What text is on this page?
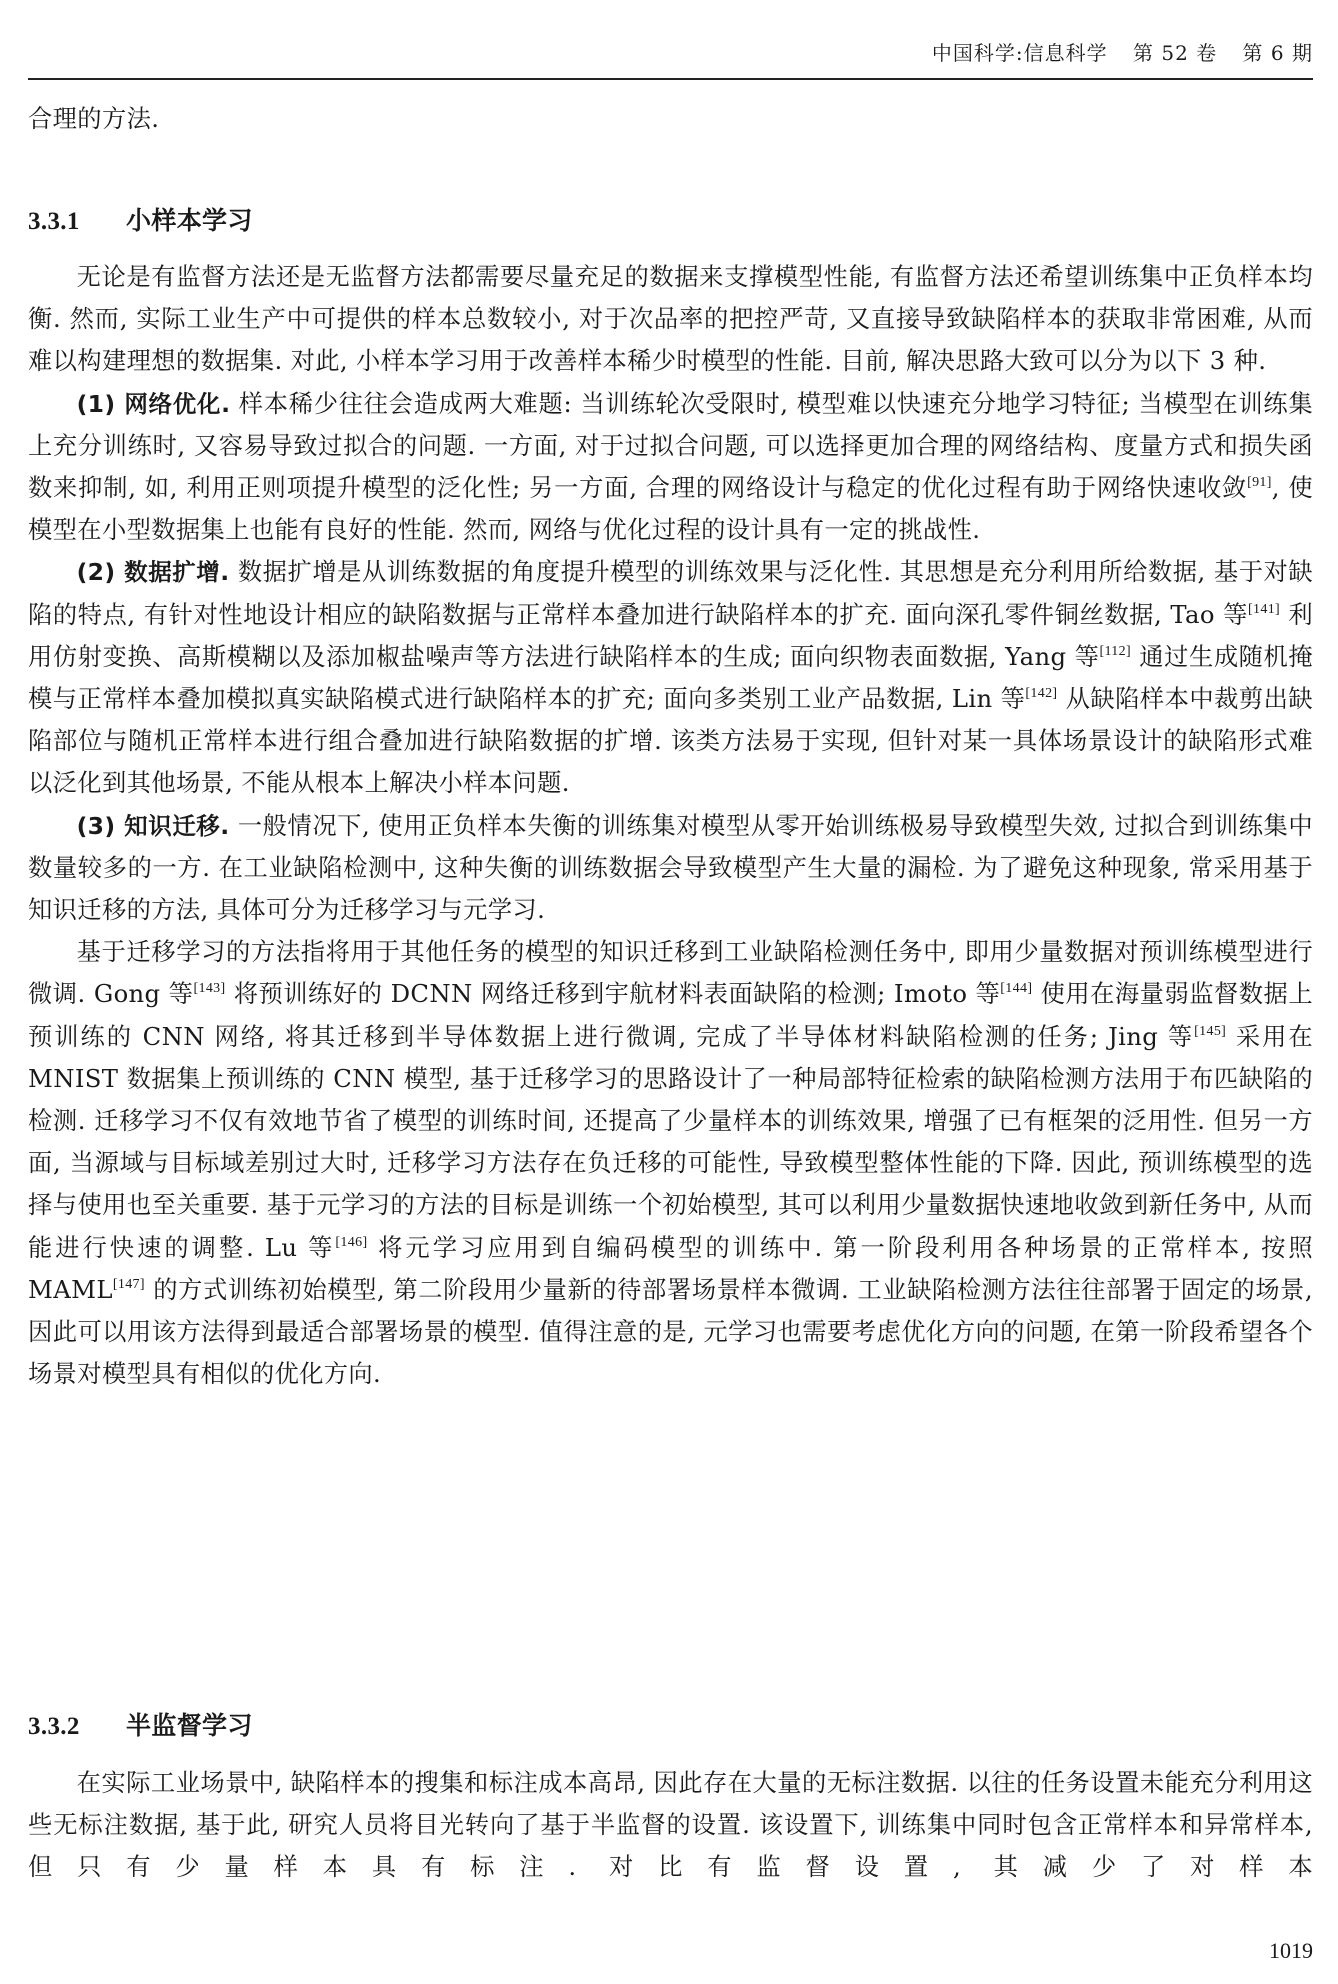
中国科学:信息科学 第 52 卷 第 6 期

合理的方法.

3.3.1 小样本学习

无论是有监督方法还是无监督方法都需要尽量充足的数据来支撑模型性能, 有监督方法还希望训练集中正负样本均衡. 然而, 实际工业生产中可提供的样本总数较小, 对于次品率的把控严苛, 又直接导致缺陷样本的获取非常困难, 从而难以构建理想的数据集. 对此, 小样本学习用于改善样本稀少时模型的性能. 目前, 解决思路大致可以分为以下 3 种.

(1) 网络优化. 样本稀少往往会造成两大难题: 当训练轮次受限时, 模型难以快速充分地学习特征; 当模型在训练集上充分训练时, 又容易导致过拟合的问题. 一方面, 对于过拟合问题, 可以选择更加合理的网络结构、度量方式和损失函数来抑制, 如, 利用正则项提升模型的泛化性; 另一方面, 合理的网络设计与稳定的优化过程有助于网络快速收敛[91], 使模型在小型数据集上也能有良好的性能. 然而, 网络与优化过程的设计具有一定的挑战性.

(2) 数据扩增. 数据扩增是从训练数据的角度提升模型的训练效果与泛化性. 其思想是充分利用所给数据, 基于对缺陷的特点, 有针对性地设计相应的缺陷数据与正常样本叠加进行缺陷样本的扩充. 面向深孔零件铜丝数据, Tao 等[141] 利用仿射变换、高斯模糊以及添加椒盐噪声等方法进行缺陷样本的生成; 面向织物表面数据, Yang 等[112] 通过生成随机掩模与正常样本叠加模拟真实缺陷模式进行缺陷样本的扩充; 面向多类别工业产品数据, Lin 等[142] 从缺陷样本中裁剪出缺陷部位与随机正常样本进行组合叠加进行缺陷数据的扩增. 该类方法易于实现, 但针对某一具体场景设计的缺陷形式难以泛化到其他场景, 不能从根本上解决小样本问题.

(3) 知识迁移. 一般情况下, 使用正负样本失衡的训练集对模型从零开始训练极易导致模型失效, 过拟合到训练集中数量较多的一方. 在工业缺陷检测中, 这种失衡的训练数据会导致模型产生大量的漏检. 为了避免这种现象, 常采用基于知识迁移的方法, 具体可分为迁移学习与元学习.

基于迁移学习的方法指将用于其他任务的模型的知识迁移到工业缺陷检测任务中, 即用少量数据对预训练模型进行微调. Gong 等[143] 将预训练好的 DCNN 网络迁移到宇航材料表面缺陷的检测; Imoto 等[144] 使用在海量弱监督数据上预训练的 CNN 网络, 将其迁移到半导体数据上进行微调, 完成了半导体材料缺陷检测的任务; Jing 等[145] 采用在 MNIST 数据集上预训练的 CNN 模型, 基于迁移学习的思路设计了一种局部特征检索的缺陷检测方法用于布匹缺陷的检测. 迁移学习不仅有效地节省了模型的训练时间, 还提高了少量样本的训练效果, 增强了已有框架的泛用性. 但另一方面, 当源域与目标域差别过大时, 迁移学习方法存在负迁移的可能性, 导致模型整体性能的下降. 因此, 预训练模型的选择与使用也至关重要. 基于元学习的方法的目标是训练一个初始模型, 其可以利用少量数据快速地收敛到新任务中, 从而能进行快速的调整. Lu 等[146] 将元学习应用到自编码模型的训练中. 第一阶段利用各种场景的正常样本, 按照 MAML[147] 的方式训练初始模型, 第二阶段用少量新的待部署场景样本微调. 工业缺陷检测方法往往部署于固定的场景, 因此可以用该方法得到最适合部署场景的模型. 值得注意的是, 元学习也需要考虑优化方向的问题, 在第一阶段希望各个场景对模型具有相似的优化方向.

3.3.2 半监督学习

在实际工业场景中, 缺陷样本的搜集和标注成本高昂, 因此存在大量的无标注数据. 以往的任务设置未能充分利用这些无标注数据, 基于此, 研究人员将目光转向了基于半监督的设置. 该设置下, 训练集中同时包含正常样本和异常样本, 但只有少量样本具有标注. 对比有监督设置, 其减少了对样本

1019
